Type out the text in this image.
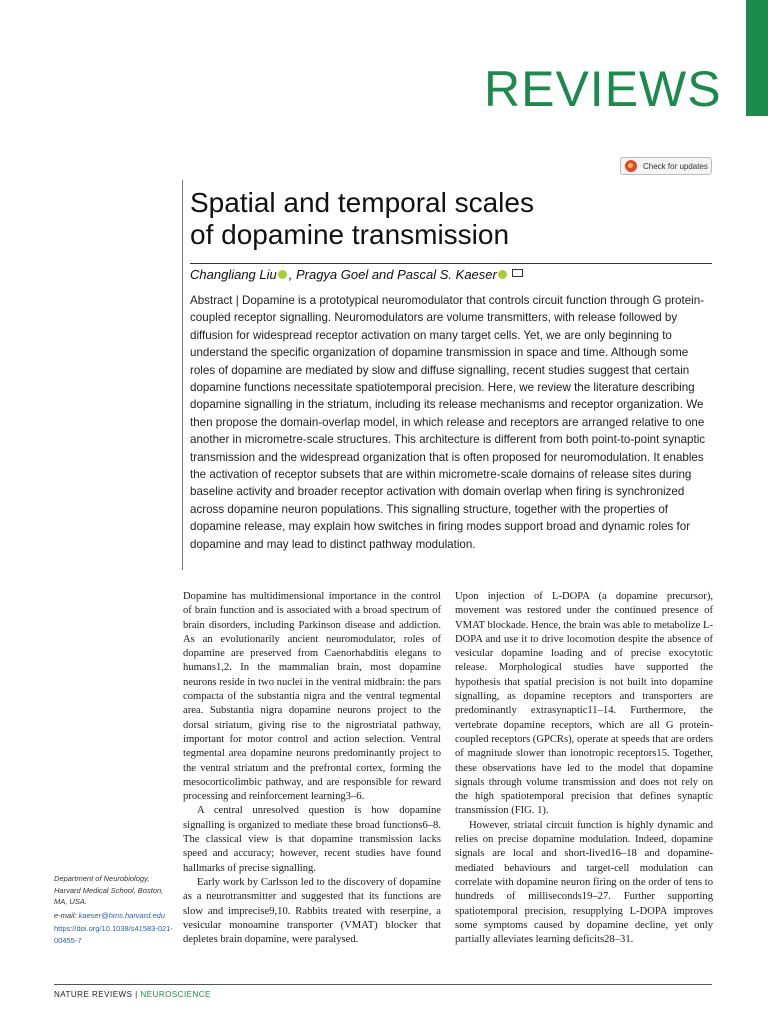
REVIEWS
Check for updates
Spatial and temporal scales
of dopamine transmission
Changliang Liu , Pragya Goel and Pascal S. Kaeser
Abstract | Dopamine is a prototypical neuromodulator that controls circuit function through G protein-coupled receptor signalling. Neuromodulators are volume transmitters, with release followed by diffusion for widespread receptor activation on many target cells. Yet, we are only beginning to understand the specific organization of dopamine transmission in space and time. Although some roles of dopamine are mediated by slow and diffuse signalling, recent studies suggest that certain dopamine functions necessitate spatiotemporal precision. Here, we review the literature describing dopamine signalling in the striatum, including its release mechanisms and receptor organization. We then propose the domain-overlap model, in which release and receptors are arranged relative to one another in micrometre-scale structures. This architecture is different from both point-to-point synaptic transmission and the widespread organization that is often proposed for neuromodulation. It enables the activation of receptor subsets that are within micrometre-scale domains of release sites during baseline activity and broader receptor activation with domain overlap when firing is synchronized across dopamine neuron populations. This signalling structure, together with the properties of dopamine release, may explain how switches in firing modes support broad and dynamic roles for dopamine and may lead to distinct pathway modulation.

Dopamine has multidimensional importance in the control of brain function and is associated with a broad spectrum of brain disorders, including Parkinson disease and addiction. As an evolutionarily ancient neuromodulator, roles of dopamine are preserved from Caenorhabditis elegans to humans1,2. In the mammalian brain, most dopamine neurons reside in two nuclei in the ventral midbrain: the pars compacta of the substantia nigra and the ventral tegmental area. Substantia nigra dopamine neurons project to the dorsal striatum, giving rise to the nigrostriatal pathway, important for motor control and action selection. Ventral tegmental area dopamine neurons predominantly project to the ventral striatum and the prefrontal cortex, forming the mesocorticolimbic pathway, and are responsible for reward processing and reinforcement learning3–6.

A central unresolved question is how dopamine signalling is organized to mediate these broad functions6–8. The classical view is that dopamine transmission lacks speed and accuracy; however, recent studies have found hallmarks of precise signalling.

Early work by Carlsson led to the discovery of dopamine as a neurotransmitter and suggested that its functions are slow and imprecise9,10. Rabbits treated with reserpine, a vesicular monoamine transporter (VMAT) blocker that depletes brain dopamine, were paralysed.

Upon injection of L-DOPA (a dopamine precursor), movement was restored under the continued presence of VMAT blockade. Hence, the brain was able to metabolize L-DOPA and use it to drive locomotion despite the absence of vesicular dopamine loading and of precise exocytotic release. Morphological studies have supported the hypothesis that spatial precision is not built into dopamine signalling, as dopamine receptors and transporters are predominantly extrasynaptic11–14. Furthermore, the vertebrate dopamine receptors, which are all G protein-coupled receptors (GPCRs), operate at speeds that are orders of magnitude slower than ionotropic receptors15. Together, these observations have led to the model that dopamine signals through volume transmission and does not rely on the high spatiotemporal precision that defines synaptic transmission (FIG. 1).

However, striatal circuit function is highly dynamic and relies on precise dopamine modulation. Indeed, dopamine signals are local and short-lived16–18 and dopamine-mediated behaviours and target-cell modulation can correlate with dopamine neuron firing on the order of tens to hundreds of milliseconds19–27. Further supporting spatiotemporal precision, resupplying L-DOPA improves some symptoms caused by dopamine decline, yet only partially alleviates learning deficits28–31.

Department of Neurobiology, Harvard Medical School, Boston, MA, USA.
e-mail: kaeser@hms.harvard.edu
https://doi.org/10.1038/s41583-021-00455-7
NATURE REVIEWS | NEUROSCIENCE
